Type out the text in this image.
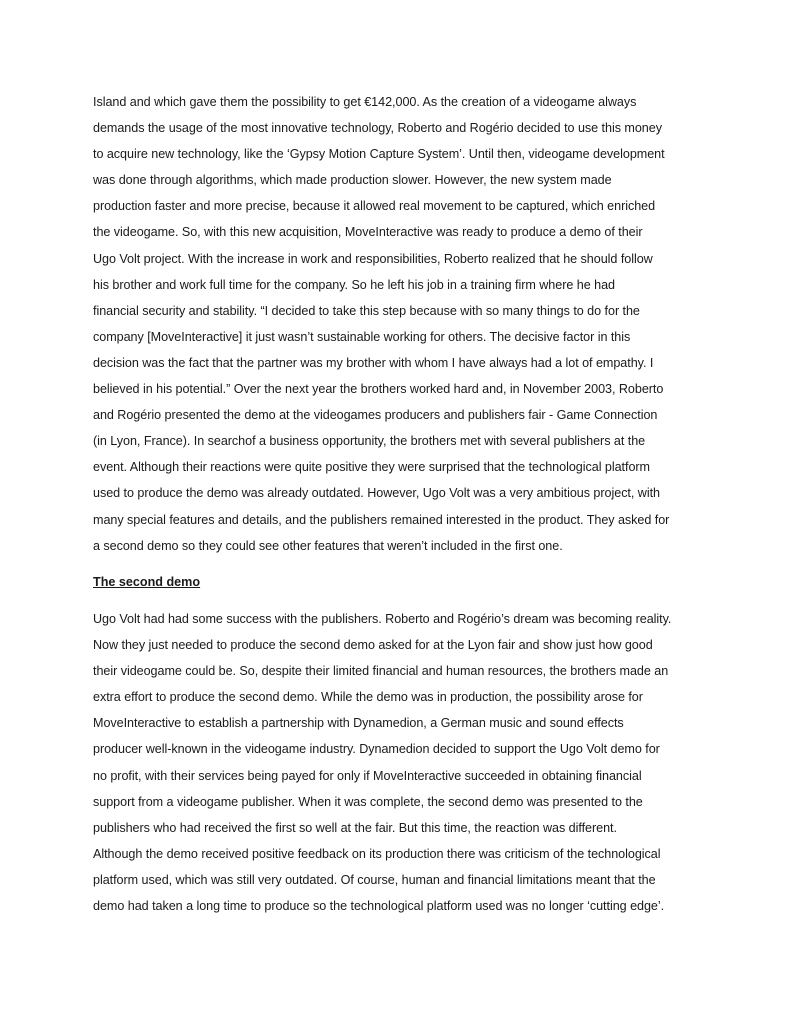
Island and which gave them the possibility to get €142,000. As the creation of a videogame always
demands the usage of the most innovative technology, Roberto and Rogério decided to use this money
to acquire new technology, like the ‘Gypsy Motion Capture System’. Until then, videogame development
was done through algorithms, which made production slower. However, the new system made
production faster and more precise, because it allowed real movement to be captured, which enriched
the videogame. So, with this new acquisition, MoveInteractive was ready to produce a demo of their
Ugo Volt project. With the increase in work and responsibilities, Roberto realized that he should follow
his brother and work full time for the company. So he left his job in a training firm where he had
financial security and stability. “I decided to take this step because with so many things to do for the
company [MoveInteractive] it just wasn’t sustainable working for others. The decisive factor in this
decision was the fact that the partner was my brother with whom I have always had a lot of empathy. I
believed in his potential.” Over the next year the brothers worked hard and, in November 2003, Roberto
and Rogério presented the demo at the videogames producers and publishers fair - Game Connection
(in Lyon, France). In searchof a business opportunity, the brothers met with several publishers at the
event. Although their reactions were quite positive they were surprised that the technological platform
used to produce the demo was already outdated. However, Ugo Volt was a very ambitious project, with
many special features and details, and the publishers remained interested in the product. They asked for
a second demo so they could see other features that weren’t included in the first one.
The second demo
Ugo Volt had had some success with the publishers. Roberto and Rogério’s dream was becoming reality.
Now they just needed to produce the second demo asked for at the Lyon fair and show just how good
their videogame could be. So, despite their limited financial and human resources, the brothers made an
extra effort to produce the second demo. While the demo was in production, the possibility arose for
MoveInteractive to establish a partnership with Dynamedion, a German music and sound effects
producer well-known in the videogame industry. Dynamedion decided to support the Ugo Volt demo for
no profit, with their services being payed for only if MoveInteractive succeeded in obtaining financial
support from a videogame publisher. When it was complete, the second demo was presented to the
publishers who had received the first so well at the fair. But this time, the reaction was different.
Although the demo received positive feedback on its production there was criticism of the technological
platform used, which was still very outdated. Of course, human and financial limitations meant that the
demo had taken a long time to produce so the technological platform used was no longer ‘cutting edge’.
